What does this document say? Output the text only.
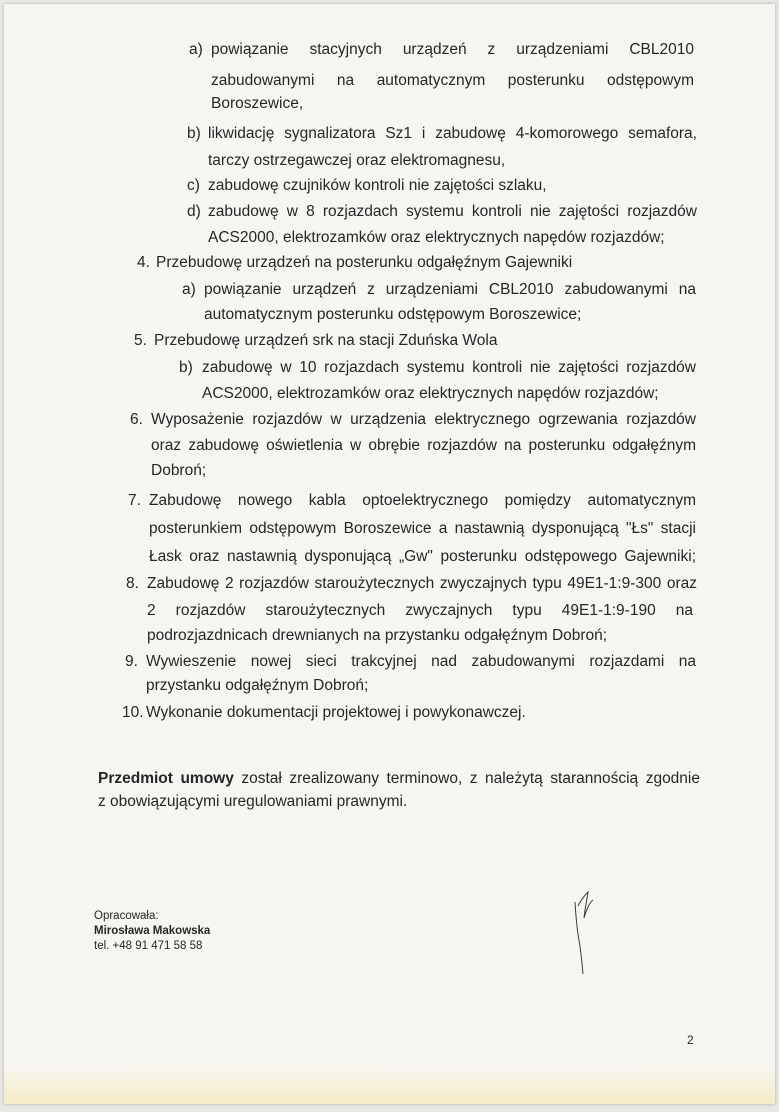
a) powiązanie stacyjnych urządzeń z urządzeniami CBL2010
zabudowanymi na automatycznym posterunku odstępowym
Boroszewice,
b) likwidację sygnalizatora Sz1 i zabudowę 4-komorowego semafora,
tarczy ostrzegawczej oraz elektromagnesu,
c) zabudowę czujników kontroli nie zajętości szlaku,
d) zabudowę w 8 rozjazdach systemu kontroli nie zajętości rozjazdów
ACS2000, elektrozamków oraz elektrycznych napędów rozjazdów;
4. Przebudowę urządzeń na posterunku odgałęźnym Gajewniki
a) powiązanie urządzeń z urządzeniami CBL2010 zabudowanymi na
automatycznym posterunku odstępowym Boroszewice;
5. Przebudowę urządzeń srk na stacji Zduńska Wola
b) zabudowę w 10 rozjazdach systemu kontroli nie zajętości rozjazdów
ACS2000, elektrozamków oraz elektrycznych napędów rozjazdów;
6. Wyposażenie rozjazdów w urządzenia elektrycznego ogrzewania rozjazdów
oraz zabudowę oświetlenia w obrębie rozjazdów na posterunku odgałęźnym
Dobroń;
7. Zabudowę nowego kabla optoelektrycznego pomiędzy automatycznym
posterunkiem odstępowym Boroszewice a nastawnią dysponującą "Łs" stacji
Łask oraz nastawnią dysponującą „Gw" posterunku odstępowego Gajewniki;
8. Zabudowę 2 rozjazdów staroużytecznych zwyczajnych typu 49E1-1:9-300 oraz
2 rozjazdów staroużytecznych zwyczajnych typu 49E1-1:9-190 na
podrozjazdnicach drewnianych na przystanku odgałęźnym Dobroń;
9. Wywieszenie nowej sieci trakcyjnej nad zabudowanymi rozjazdami na
przystanku odgałęźnym Dobroń;
10. Wykonanie dokumentacji projektowej i powykonawczej.
Przedmiot umowy został zrealizowany terminowo, z należytą starannością zgodnie
z obowiązującymi uregulowaniami prawnymi.
Opracowała:
Mirosława Makowska
tel. +48 91 471 58 58
2
